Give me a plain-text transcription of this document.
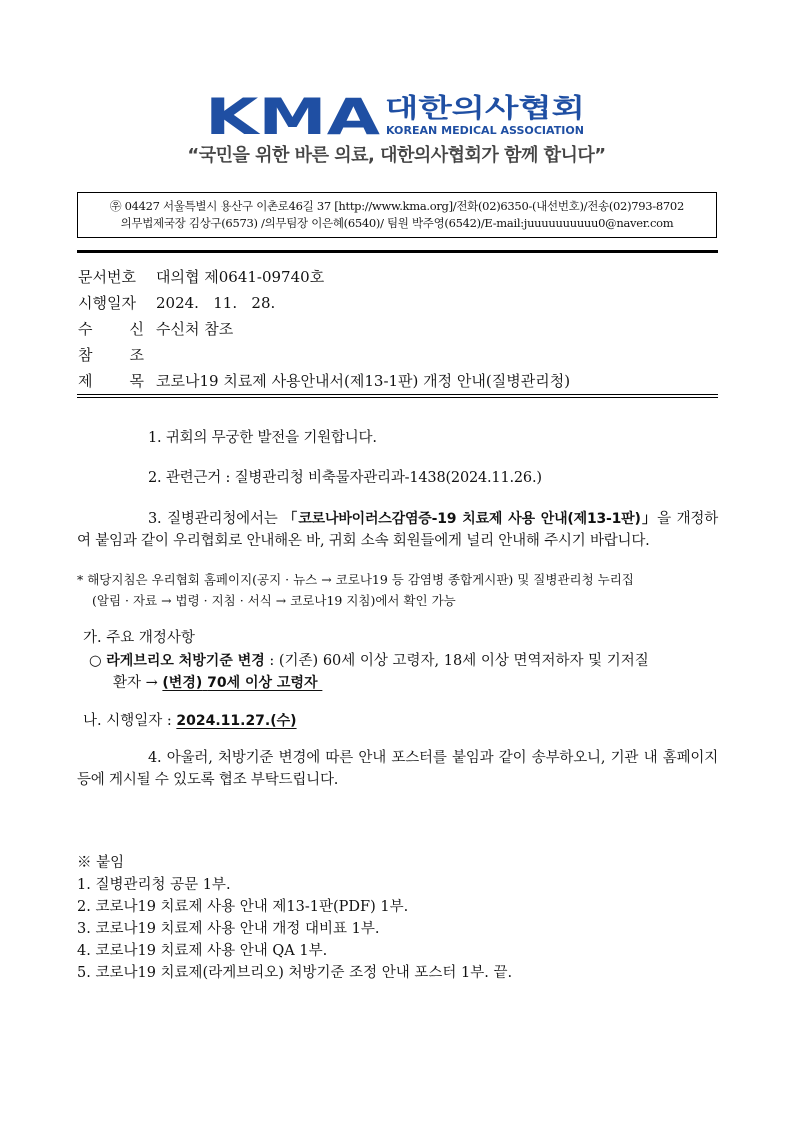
KMA 대한의사협회
KOREAN MEDICAL ASSOCIATION
“국민을 위한 바른 의료, 대한의사협회가 함께 합니다”
㉾ 04427 서울특별시 용산구 이촌로46길 37 [http://www.kma.org]/전화(02)6350-(내선번호)/전송(02)793-8702
의무법제국장 김상구(6573) /의무팀장 이은혜(6540)/ 팀원 박주영(6542)/E-mail:juuuuuuuuuu0@naver.com
문서번호	대의협 제0641-09740호
시행일자	2024.   11.   28.
수 신 수신처 참조
참 조
제 목 코로나19 치료제 사용안내서(제13-1판) 개정 안내(질병관리청)
1. 귀회의 무궁한 발전을 기원합니다.
2. 관련근거 : 질병관리청 비축물자관리과-1438(2024.11.26.)
3. 질병관리청에서는 「코로나바이러스감염증-19 치료제 사용 안내(제13-1판)」을 개정하여 붙임과 같이 우리협회로 안내해온 바, 귀회 소속 회원들에게 널리 안내해 주시기 바랍니다.
* 해당지침은 우리협회 홈페이지(공지 · 뉴스 → 코로나19 등 감염병 종합게시판) 및 질병관리청 누리집
(알림 · 자료 → 법령 · 지침 · 서식 → 코로나19 지침)에서 확인 가능
가. 주요 개정사항
○ 라게브리오 처방기준 변경 : (기존) 60세 이상 고령자, 18세 이상 면역저하자 및 기저질
환자 → (변경) 70세 이상 고령자
나. 시행일자 : 2024.11.27.(수)
4. 아울러, 처방기준 변경에 따른 안내 포스터를 붙임과 같이 송부하오니, 기관 내 홈페이지 등에 게시될 수 있도록 협조 부탁드립니다.
※ 붙임
1. 질병관리청 공문 1부.
2. 코로나19 치료제 사용 안내 제13-1판(PDF) 1부.
3. 코로나19 치료제 사용 안내 개정 대비표 1부.
4. 코로나19 치료제 사용 안내 QA 1부.
5. 코로나19 치료제(라게브리오) 처방기준 조정 안내 포스터 1부. 끝.
